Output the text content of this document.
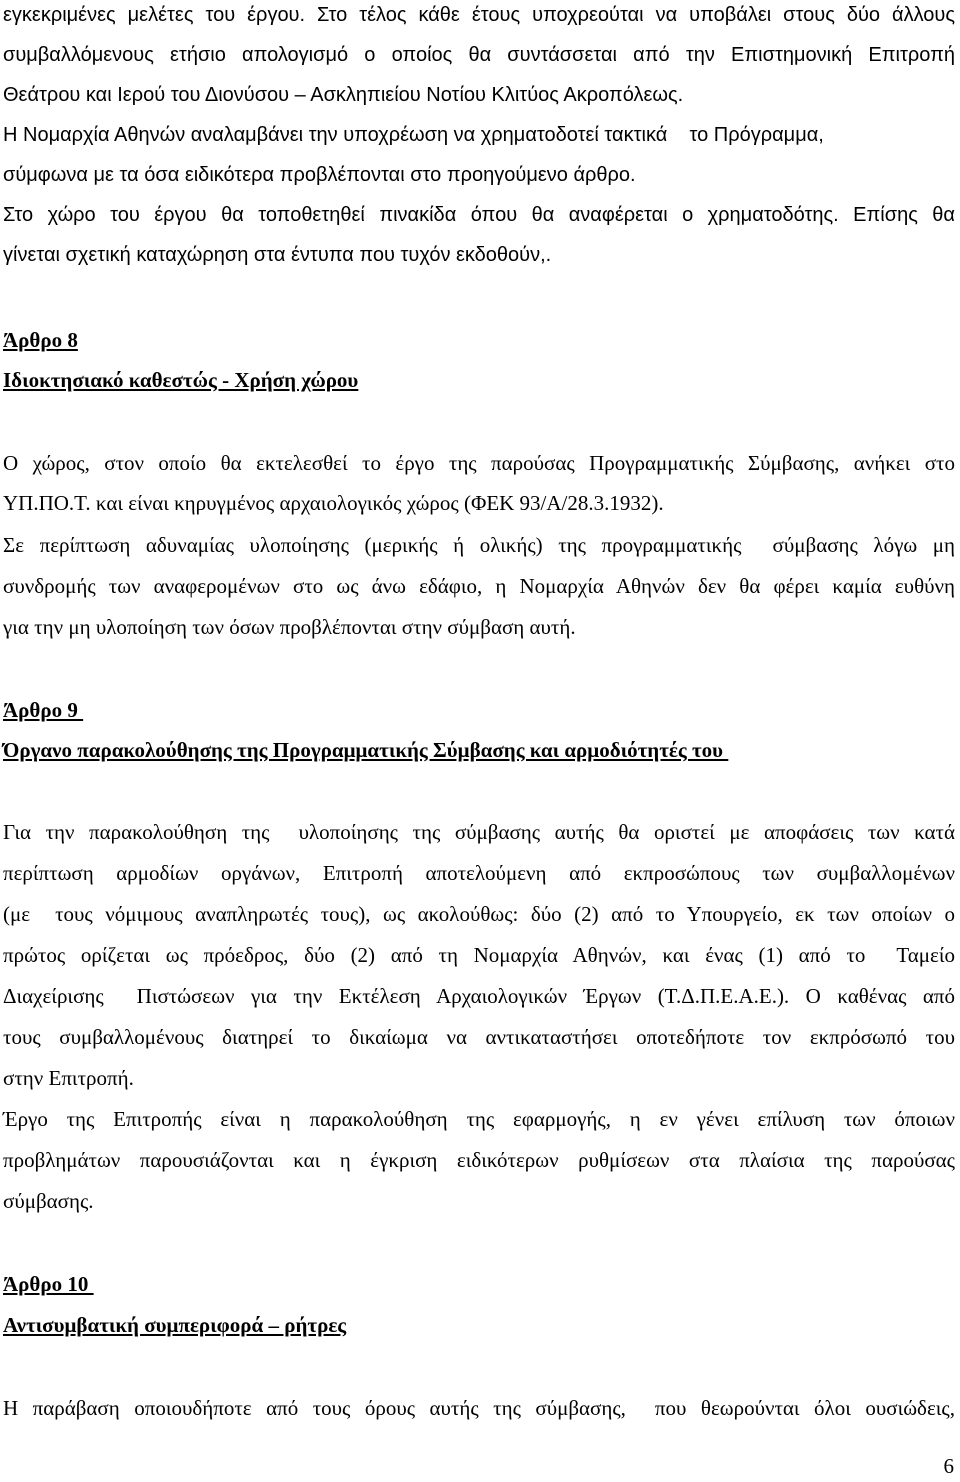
εγκεκριμένες μελέτες του έργου. Στο τέλος κάθε έτους υποχρεούται να υποβάλει στους δύο άλλους
συμβαλλόμενους ετήσιο απολογισμό ο οποίος θα συντάσσεται από την Επιστημονική Επιτροπή
Θεάτρου και Ιερού του Διονύσου – Ασκληπιείου Νοτίου Κλιτύος Ακροπόλεως.
Η Νομαρχία Αθηνών αναλαμβάνει την υποχρέωση να χρηματοδοτεί τακτικά    το Πρόγραμμα,
σύμφωνα με τα όσα ειδικότερα προβλέπονται στο προηγούμενο άρθρο.
Στο χώρο του έργου θα τοποθετηθεί πινακίδα όπου θα αναφέρεται ο χρηματοδότης. Επίσης θα
γίνεται σχετική καταχώρηση στα έντυπα που τυχόν εκδοθούν,.
Άρθρο 8
Ιδιοκτησιακό καθεστώς - Χρήση χώρου
Ο χώρος, στον οποίο θα εκτελεσθεί το έργο της παρούσας Προγραμματικής Σύμβασης, ανήκει στο
ΥΠ.ΠΟ.Τ. και είναι κηρυγμένος αρχαιολογικός χώρος (ΦΕΚ 93/Α/28.3.1932).
Σε περίπτωση αδυναμίας υλοποίησης (μερικής ή ολικής) της προγραμματικής  σύμβασης λόγω μη
συνδρομής των αναφερομένων στο ως άνω εδάφιο, η Νομαρχία Αθηνών δεν θα φέρει καμία ευθύνη
για την μη υλοποίηση των όσων προβλέπονται στην σύμβαση αυτή.
Άρθρο 9
Όργανο παρακολούθησης της Προγραμματικής Σύμβασης και αρμοδιότητές του
Για την παρακολούθηση της  υλοποίησης της σύμβασης αυτής θα οριστεί με αποφάσεις των κατά
περίπτωση αρμοδίων οργάνων, Επιτροπή αποτελούμενη από εκπροσώπους των συμβαλλομένων
(με  τους νόμιμους αναπληρωτές τους), ως ακολούθως: δύο (2) από το Υπουργείο, εκ των οποίων ο
πρώτος ορίζεται ως πρόεδρος, δύο (2) από τη Νομαρχία Αθηνών, και ένας (1) από το  Ταμείο
Διαχείρισης  Πιστώσεων για την Εκτέλεση Αρχαιολογικών Έργων (Τ.Δ.Π.Ε.Α.Ε.). Ο καθένας από
τους συμβαλλομένους διατηρεί το δικαίωμα να αντικαταστήσει οποτεδήποτε τον εκπρόσωπό του
στην Επιτροπή.
Έργο της Επιτροπής είναι η παρακολούθηση της εφαρμογής, η εν γένει επίλυση των όποιων
προβλημάτων παρουσιάζονται και η έγκριση ειδικότερων ρυθμίσεων στα πλαίσια της παρούσας
σύμβασης.
Άρθρο 10
Αντισυμβατική συμπεριφορά – ρήτρες
Η παράβαση οποιουδήποτε από τους όρους αυτής της σύμβασης,  που θεωρούνται όλοι ουσιώδεις,
6
